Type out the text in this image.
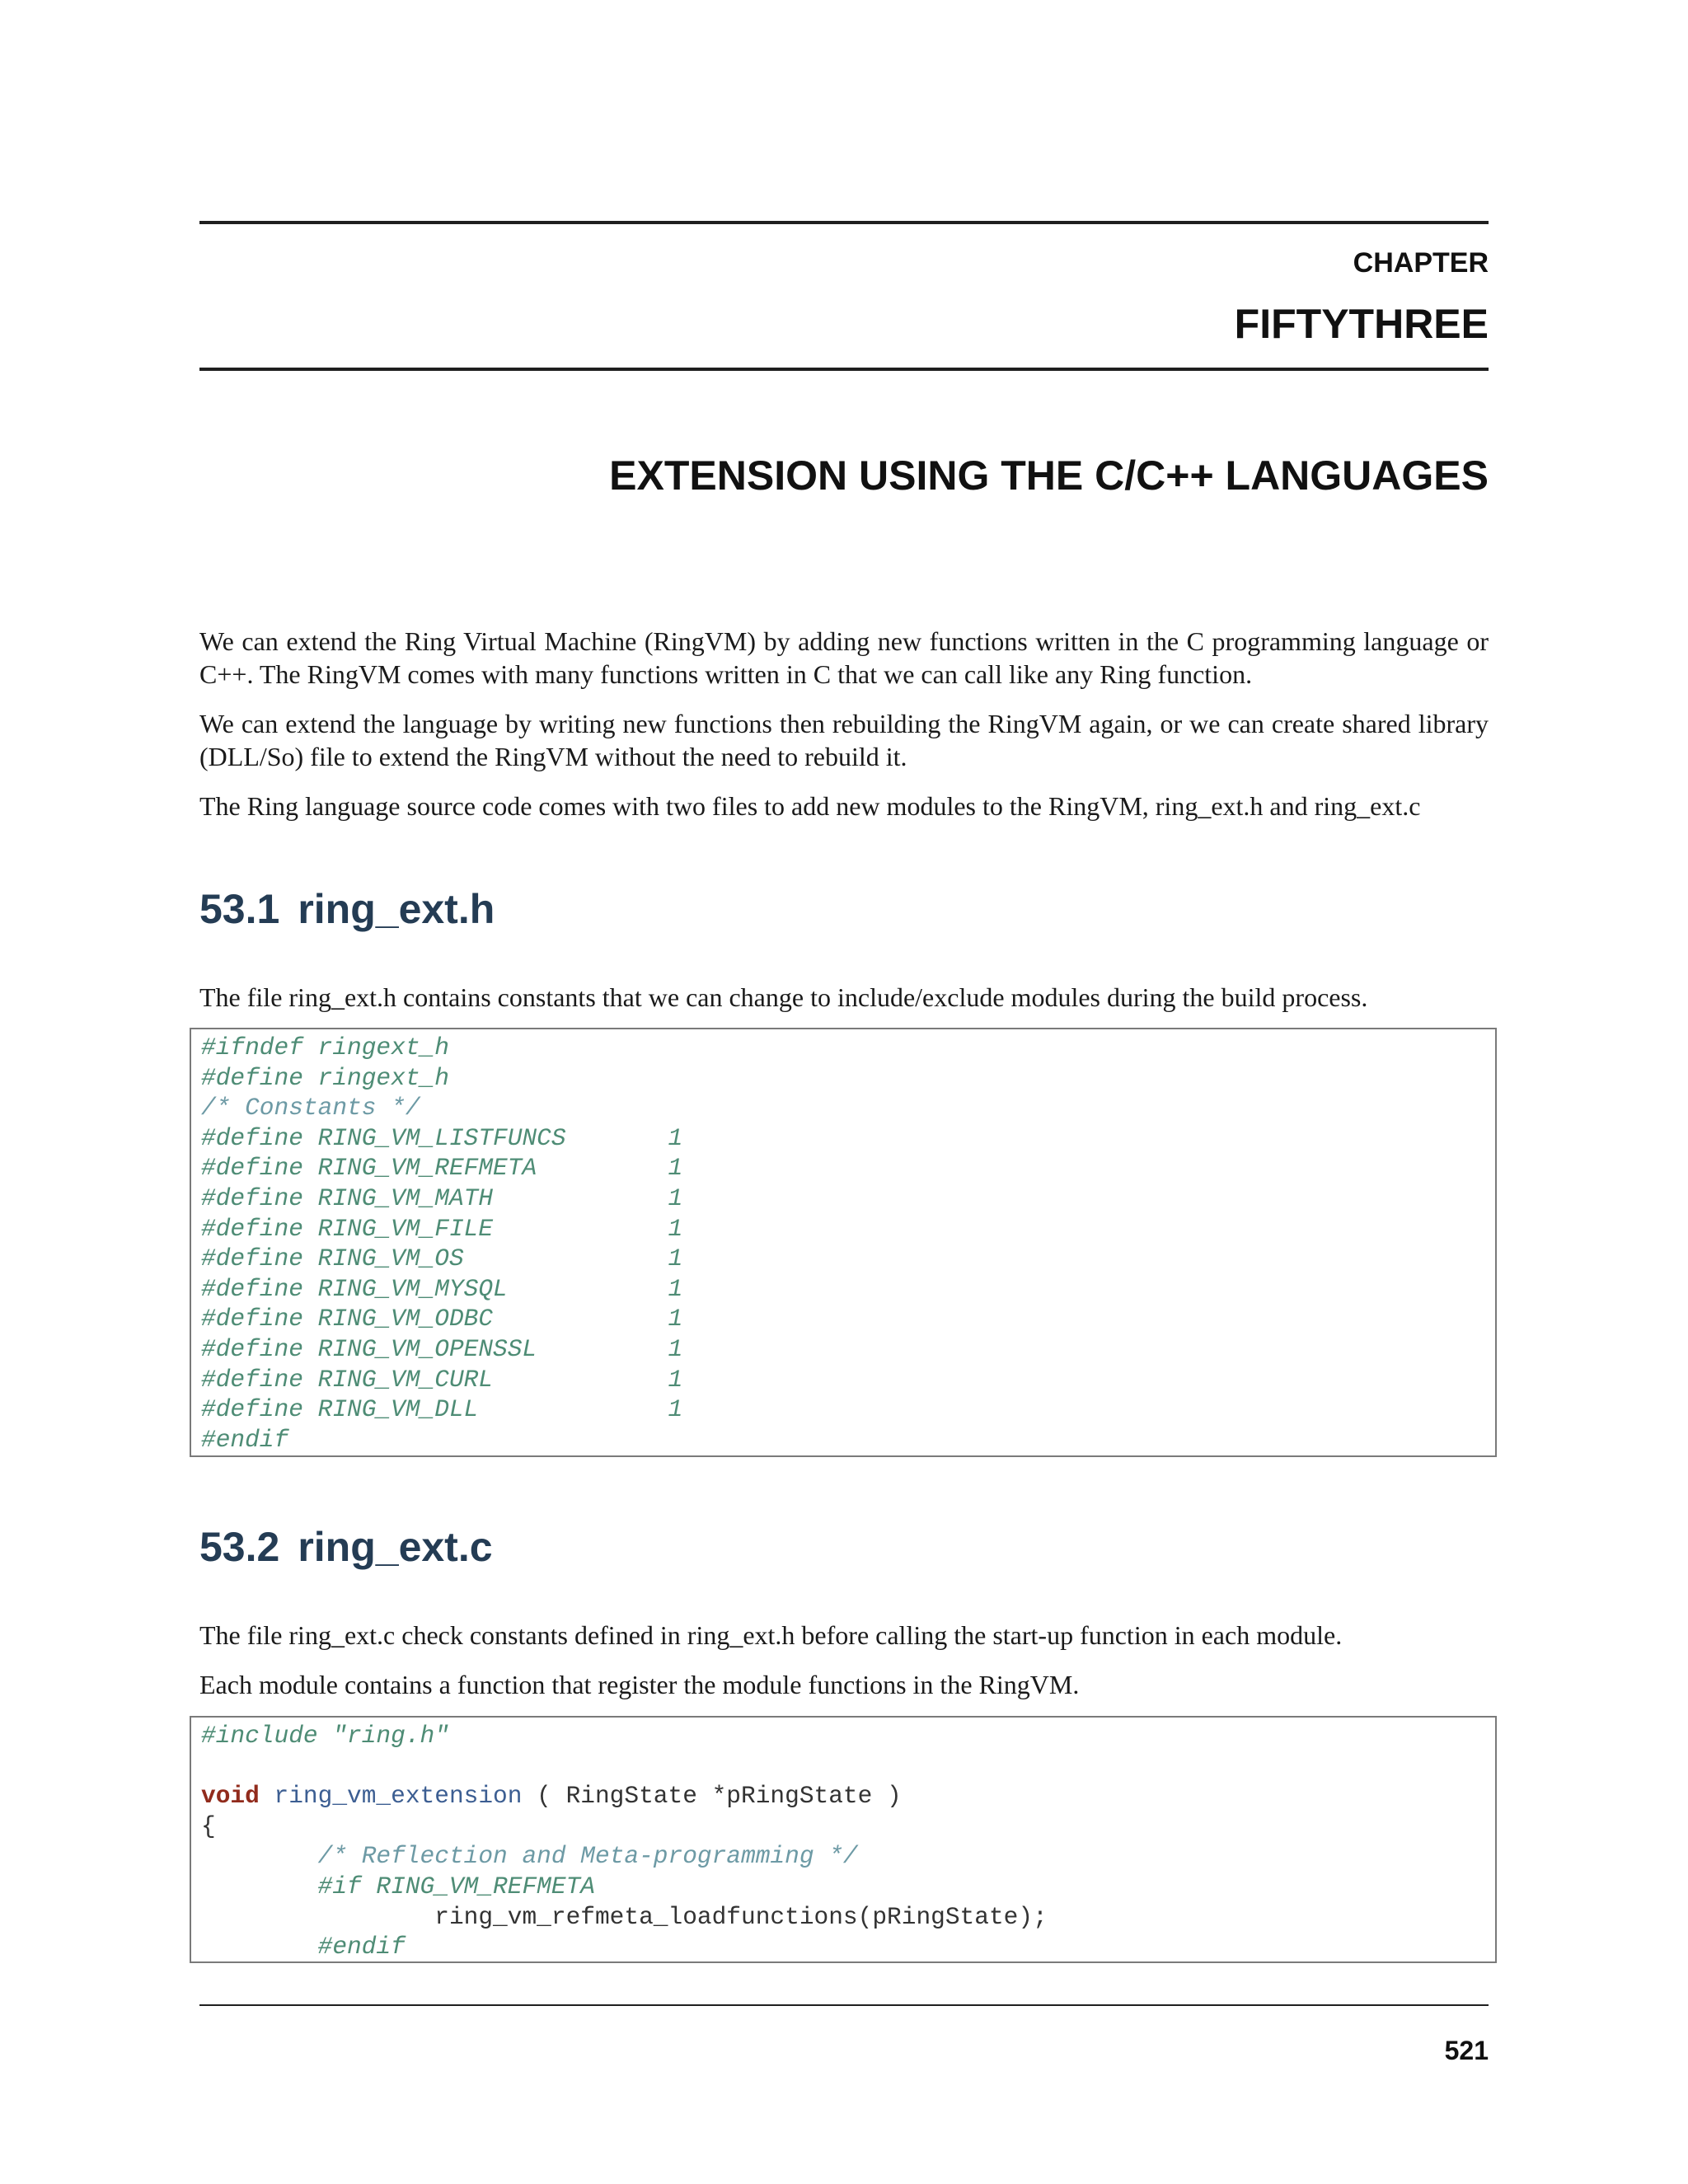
CHAPTER

FIFTYTHREE

EXTENSION USING THE C/C++ LANGUAGES

We can extend the Ring Virtual Machine (RingVM) by adding new functions written in the C programming language or C++. The RingVM comes with many functions written in C that we can call like any Ring function.

We can extend the language by writing new functions then rebuilding the RingVM again, or we can create shared library (DLL/So) file to extend the RingVM without the need to rebuild it.

The Ring language source code comes with two files to add new modules to the RingVM, ring_ext.h and ring_ext.c

53.1 ring_ext.h

The file ring_ext.h contains constants that we can change to include/exclude modules during the build process.

#ifndef ringext_h
#define ringext_h
/* Constants */
#define RING_VM_LISTFUNCS       1
#define RING_VM_REFMETA         1
#define RING_VM_MATH            1
#define RING_VM_FILE            1
#define RING_VM_OS              1
#define RING_VM_MYSQL           1
#define RING_VM_ODBC            1
#define RING_VM_OPENSSL         1
#define RING_VM_CURL            1
#define RING_VM_DLL             1
#endif
53.2 ring_ext.c

The file ring_ext.c check constants defined in ring_ext.h before calling the start-up function in each module.

Each module contains a function that register the module functions in the RingVM.

#include "ring.h"
void ring_vm_extension ( RingState *pRingState )
{
/* Reflection and Meta-programming */
#if RING_VM_REFMETA
ring_vm_refmeta_loadfunctions(pRingState);
#endif

521
